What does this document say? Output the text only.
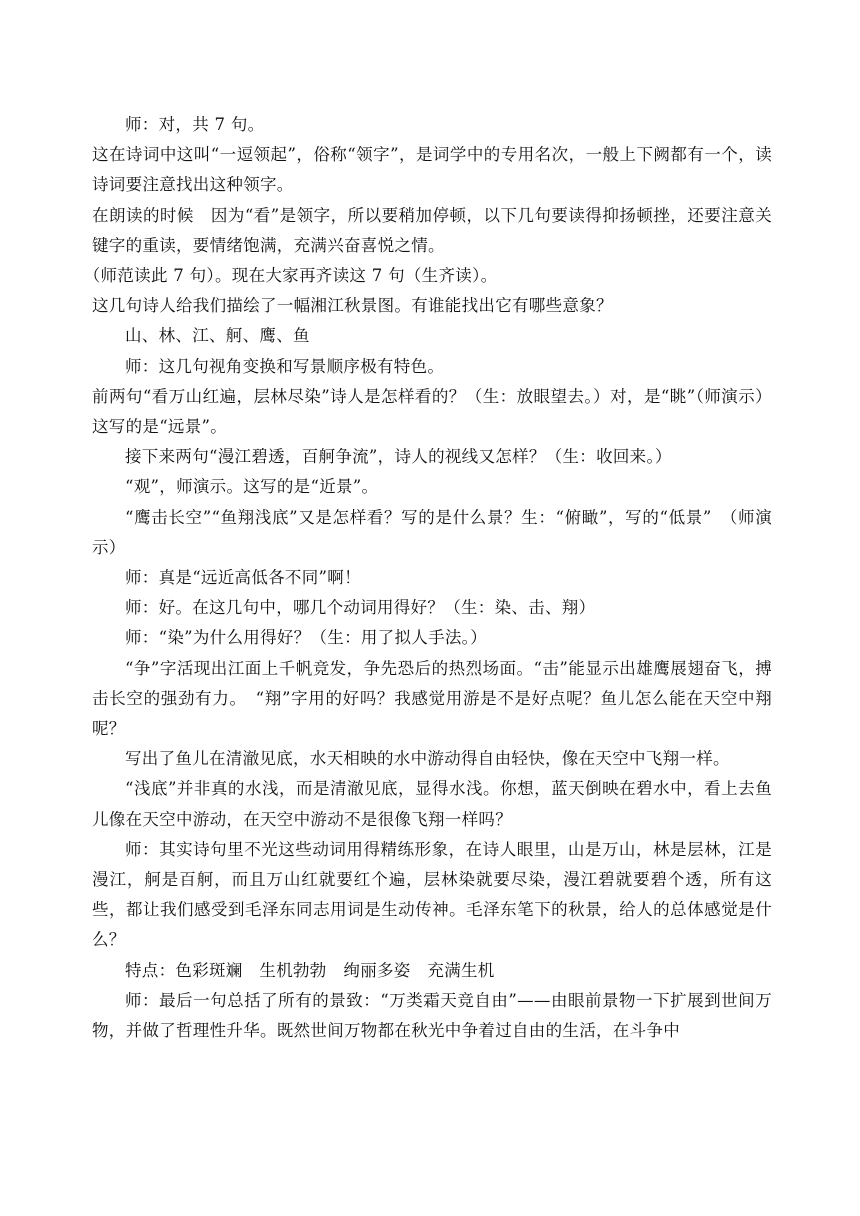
师：对，共 7 句。

这在诗词中这叫“一逗领起”，俗称“领字”，是词学中的专用名次，一般上下阙都有一个，读诗词要注意找出这种领字。

在朗读的时候　因为“看”是领字，所以要稍加停顿，以下几句要读得抑扬顿挫，还要注意关键字的重读，要情绪饱满，充满兴奋喜悦之情。

（师范读此 7 句）。现在大家再齐读这 7 句（生齐读）。

这几句诗人给我们描绘了一幅湘江秋景图。有谁能找出它有哪些意象？

山、林、江、舸、鹰、鱼

师：这几句视角变换和写景顺序极有特色。

前两句“看万山红遍，层林尽染”诗人是怎样看的？（生：放眼望去。）对，是“眺”（师演示）这写的是“远景”。

接下来两句“漫江碧透，百舸争流”，诗人的视线又怎样？（生：收回来。）

“观”，师演示。这写的是“近景”。

“鹰击长空”“鱼翔浅底”又是怎样看？写的是什么景？生：“俯瞰”，写的“低景”　（师演示）

师：真是“远近高低各不同”啊！

师：好。在这几句中，哪几个动词用得好？（生：染、击、翔）

师：“染”为什么用得好？（生：用了拟人手法。）

“争”字活现出江面上千帆竞发，争先恐后的热烈场面。“击”能显示出雄鹰展翅奋飞，搏击长空的强劲有力。　“翔”字用的好吗？我感觉用游是不是好点呢？鱼儿怎么能在天空中翔呢？

写出了鱼儿在清澈见底，水天相映的水中游动得自由轻快，像在天空中飞翔一样。

“浅底”并非真的水浅，而是清澈见底，显得水浅。你想，蓝天倒映在碧水中，看上去鱼儿像在天空中游动，在天空中游动不是很像飞翔一样吗？

师：其实诗句里不光这些动词用得精练形象，在诗人眼里，山是万山，林是层林，江是漫江，舸是百舸，而且万山红就要红个遍，层林染就要尽染，漫江碧就要碧个透，所有这些，都让我们感受到毛泽东同志用词是生动传神。毛泽东笔下的秋景，给人的总体感觉是什么？

特点：色彩斑斓　生机勃勃　绚丽多姿　充满生机

师：最后一句总括了所有的景致：“万类霜天竞自由”——由眼前景物一下扩展到世间万物，并做了哲理性升华。既然世间万物都在秋光中争着过自由的生活，在斗争中
